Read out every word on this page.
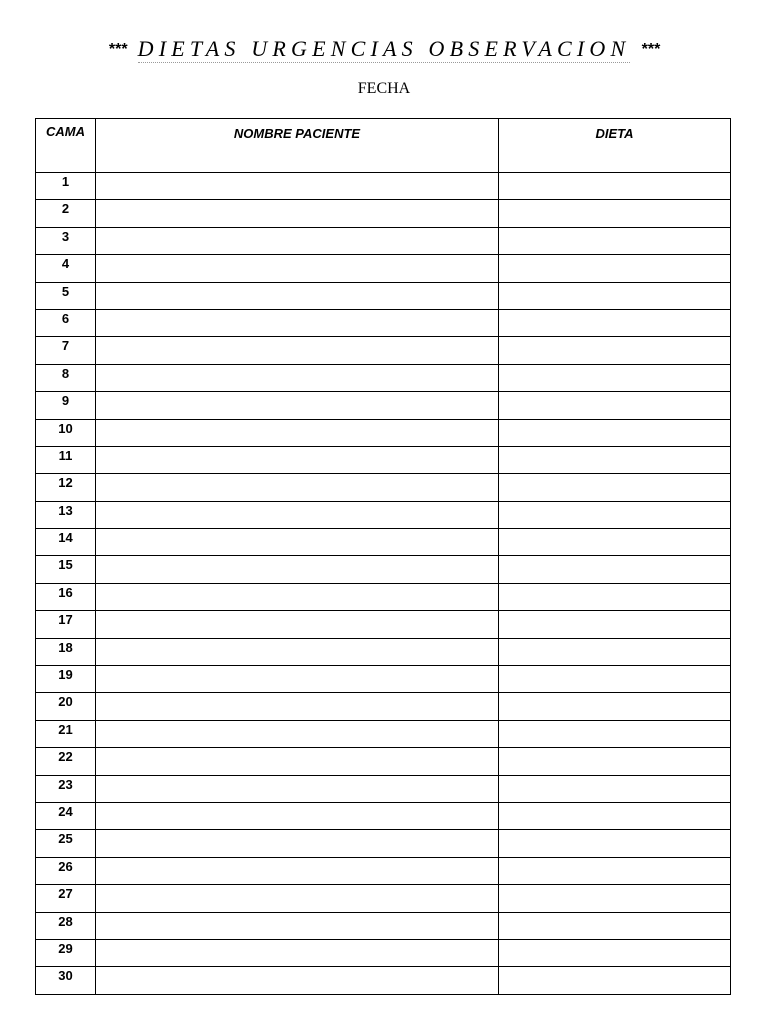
*** DIETAS URGENCIAS OBSERVACION ***
FECHA
CAMA	NOMBRE PACIENTE	DIETA
1		
2		
3		
4		
5		
6		
7		
8		
9		
10		
11		
12		
13		
14		
15		
16		
17		
18		
19		
20		
21		
22		
23		
24		
25		
26		
27		
28		
29		
30		
